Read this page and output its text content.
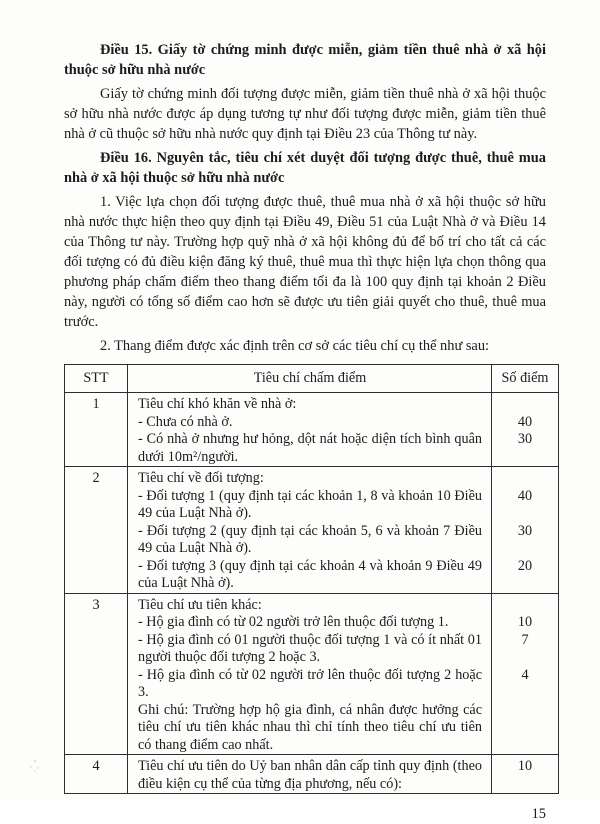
Điều 15. Giấy tờ chứng minh được miễn, giảm tiền thuê nhà ở xã hội thuộc sở hữu nhà nước
Giấy tờ chứng minh đối tượng được miễn, giảm tiền thuê nhà ở xã hội thuộc sở hữu nhà nước được áp dụng tương tự như đối tượng được miễn, giảm tiền thuê nhà ở cũ thuộc sở hữu nhà nước quy định tại Điều 23 của Thông tư này.
Điều 16. Nguyên tắc, tiêu chí xét duyệt đối tượng được thuê, thuê mua nhà ở xã hội thuộc sở hữu nhà nước
1. Việc lựa chọn đối tượng được thuê, thuê mua nhà ở xã hội thuộc sở hữu nhà nước thực hiện theo quy định tại Điều 49, Điều 51 của Luật Nhà ở và Điều 14 của Thông tư này. Trường hợp quỹ nhà ở xã hội không đủ để bố trí cho tất cả các đối tượng có đủ điều kiện đăng ký thuê, thuê mua thì thực hiện lựa chọn thông qua phương pháp chấm điểm theo thang điểm tối đa là 100 quy định tại khoản 2 Điều này, người có tổng số điểm cao hơn sẽ được ưu tiên giải quyết cho thuê, thuê mua trước.
2. Thang điểm được xác định trên cơ sở các tiêu chí cụ thể như sau:
STT	Tiêu chí chấm điểm	Số điểm
1	Tiêu chí khó khăn về nhà ở:	
	- Chưa có nhà ở.	40
	- Có nhà ở nhưng hư hỏng, dột nát hoặc diện tích bình quân dưới 10m²/người.	30
2	Tiêu chí về đối tượng:	
	- Đối tượng 1 (quy định tại các khoản 1, 8 và khoản 10 Điều 49 của Luật Nhà ở).	40
	- Đối tượng 2 (quy định tại các khoản 5, 6 và khoản 7 Điều 49 của Luật Nhà ở).	30
	- Đối tượng 3 (quy định tại các khoản 4 và khoản 9 Điều 49 của Luật Nhà ở).	20
3	Tiêu chí ưu tiên khác:	
	- Hộ gia đình có từ 02 người trở lên thuộc đối tượng 1.	10
	- Hộ gia đình có 01 người thuộc đối tượng 1 và có ít nhất 01 người thuộc đối tượng 2 hoặc 3.	7
	- Hộ gia đình có từ 02 người trở lên thuộc đối tượng 2 hoặc 3.	4
	Ghi chú: Trường hợp hộ gia đình, cá nhân được hưởng các tiêu chí ưu tiên khác nhau thì chỉ tính theo tiêu chí ưu tiên có thang điểm cao nhất.	
4	Tiêu chí ưu tiên do Uỷ ban nhân dân cấp tỉnh quy định (theo điều kiện cụ thể của từng địa phương, nếu có):	10
15
